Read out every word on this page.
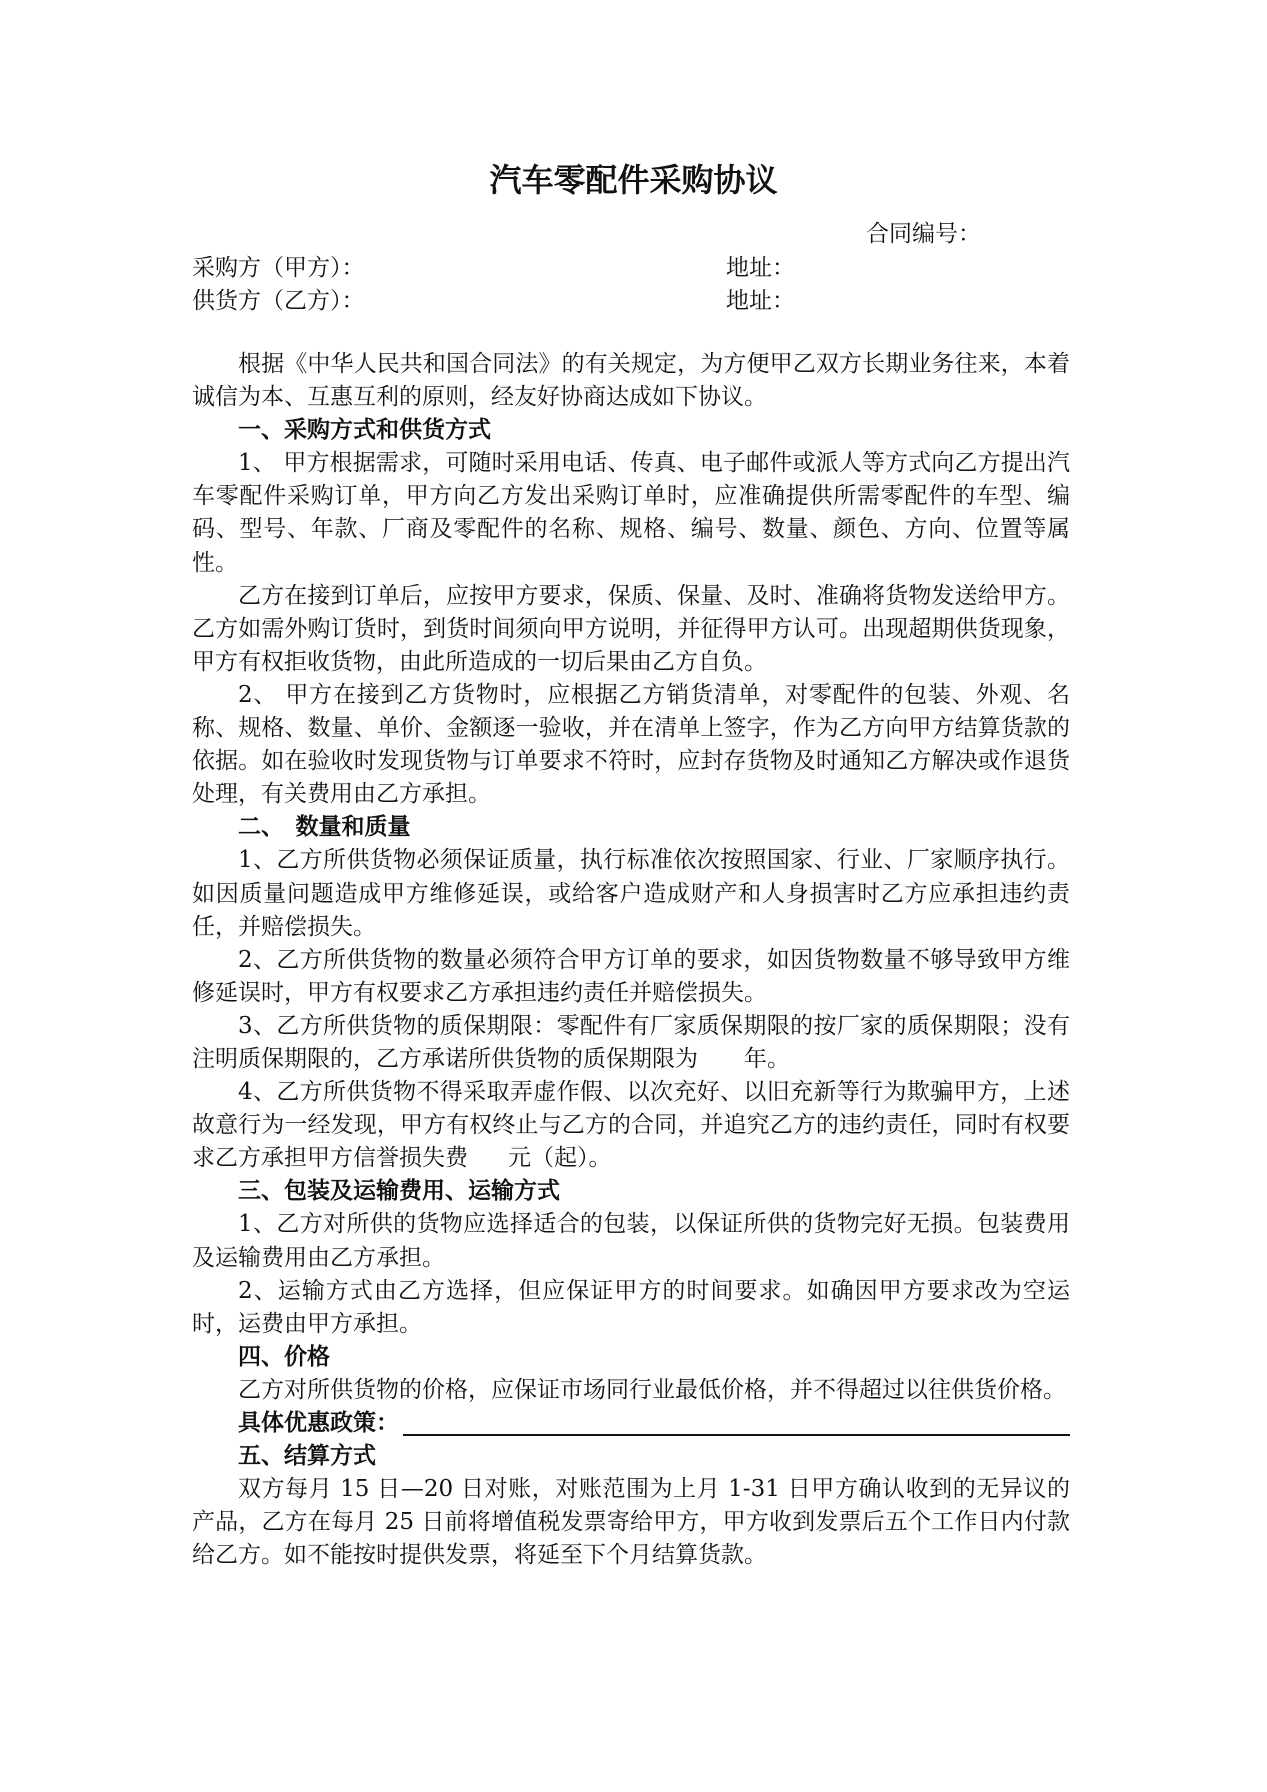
汽车零配件采购协议
合同编号：
采购方（甲方）：	地址：
供货方（乙方）：	地址：

根据《中华人民共和国合同法》的有关规定，为方便甲乙双方长期业务往来，本着诚信为本、互惠互利的原则，经友好协商达成如下协议。

一、采购方式和供货方式

1、 甲方根据需求，可随时采用电话、传真、电子邮件或派人等方式向乙方提出汽车零配件采购订单，甲方向乙方发出采购订单时，应准确提供所需零配件的车型、编码、型号、年款、厂商及零配件的名称、规格、编号、数量、颜色、方向、位置等属性。

乙方在接到订单后，应按甲方要求，保质、保量、及时、准确将货物发送给甲方。乙方如需外购订货时，到货时间须向甲方说明，并征得甲方认可。出现超期供货现象，甲方有权拒收货物，由此所造成的一切后果由乙方自负。

2、 甲方在接到乙方货物时，应根据乙方销货清单，对零配件的包装、外观、名称、规格、数量、单价、金额逐一验收，并在清单上签字，作为乙方向甲方结算货款的依据。如在验收时发现货物与订单要求不符时，应封存货物及时通知乙方解决或作退货处理，有关费用由乙方承担。

二、　数量和质量

1、乙方所供货物必须保证质量，执行标准依次按照国家、行业、厂家顺序执行。如因质量问题造成甲方维修延误，或给客户造成财产和人身损害时乙方应承担违约责任，并赔偿损失。

2、乙方所供货物的数量必须符合甲方订单的要求，如因货物数量不够导致甲方维修延误时，甲方有权要求乙方承担违约责任并赔偿损失。

3、乙方所供货物的质保期限：零配件有厂家质保期限的按厂家的质保期限；没有注明质保期限的，乙方承诺所供货物的质保期限为 年。

4、乙方所供货物不得采取弄虚作假、以次充好、以旧充新等行为欺骗甲方，上述故意行为一经发现，甲方有权终止与乙方的合同，并追究乙方的违约责任，同时有权要求乙方承担甲方信誉损失费 元（起）。

三、包装及运输费用、运输方式

1、乙方对所供的货物应选择适合的包装，以保证所供的货物完好无损。包装费用及运输费用由乙方承担。

2、运输方式由乙方选择，但应保证甲方的时间要求。如确因甲方要求改为空运时，运费由甲方承担。

四、价格

乙方对所供货物的价格，应保证市场同行业最低价格，并不得超过以往供货价格。

具体优惠政策：

五、结算方式

双方每月 15 日—20 日对账，对账范围为上月 1-31 日甲方确认收到的无异议的产品，乙方在每月 25 日前将增值税发票寄给甲方，甲方收到发票后五个工作日内付款给乙方。如不能按时提供发票，将延至下个月结算货款。
